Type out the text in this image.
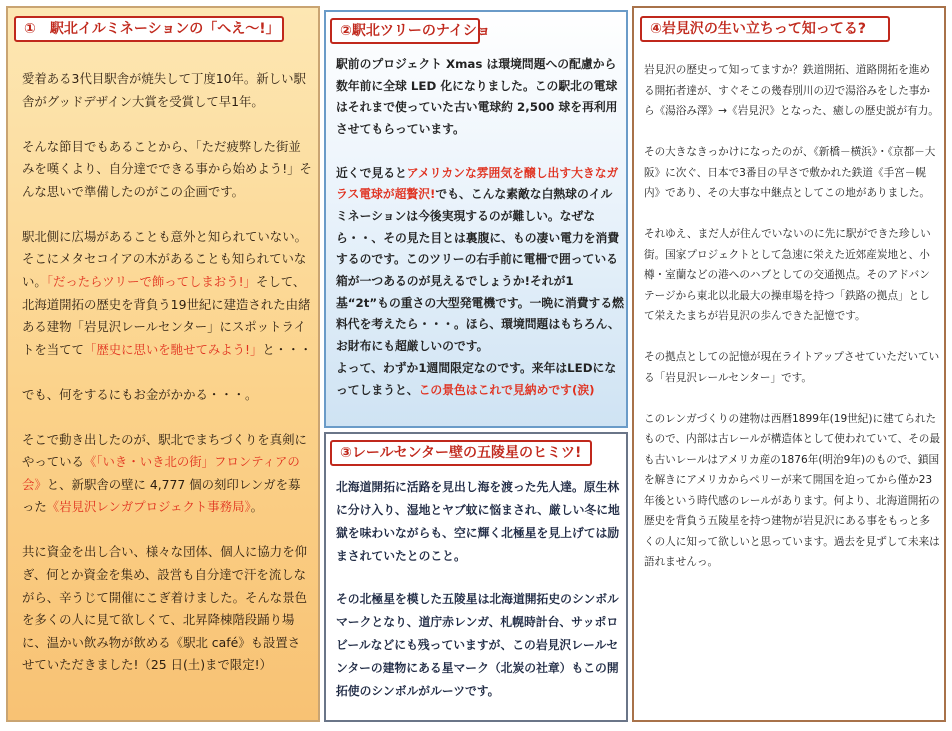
①　駅北イルミネーションの「へえ～!」

愛着ある3代目駅舎が焼失して丁度10年。新しい駅舎がグッドデザイン大賞を受賞して早1年。

そんな節目でもあることから、「ただ疲弊した街並みを嘆くより、自分達でできる事から始めよう!」そんな思いで準備したのがこの企画です。

駅北側に広場があることも意外と知られていない。そこにメタセコイアの木があることも知られていない。「だったらツリーで飾ってしまおう!」そして、北海道開拓の歴史を背負う19世紀に建造された由緒ある建物「岩見沢レールセンター」にスポットライトを当てて「歴史に思いを馳せてみよう!」と・・・

でも、何をするにもお金がかかる・・・。

そこで動き出したのが、駅北でまちづくりを真剣にやっている《「いき・いき北の街」フロンティアの会》と、新駅舎の壁に 4,777 個の刻印レンガを募った《岩見沢レンガプロジェクト事務局》。

共に資金を出し合い、様々な団体、個人に協力を仰ぎ、何とか資金を集め、設営も自分達で汗を流しながら、辛うじて開催にこぎ着けました。そんな景色を多くの人に見て欲しくて、北昇降棟階段踊り場に、温かい飲み物が飲める《駅北 café》も設置させていただきました!（25 日(土)まで限定!）

②駅北ツリーのナイショ

駅前のプロジェクト Xmas は環境問題への配慮から数年前に全球 LED 化になりました。この駅北の電球はそれまで使っていた古い電球約 2,500 球を再利用させてもらっています。

近くで見るとアメリカンな雰囲気を醸し出す大きなガラス電球が超贅沢!でも、こんな素敵な白熱球のイルミネーションは今後実現するのが難しい。なぜなら・・、その見た目とは裏腹に、もの凄い電力を消費するのです。このツリーの右手前に電柵で囲っている箱が一つあるのが見えるでしょうか!それが1基“2t”もの重さの大型発電機です。一晩に消費する燃料代を考えたら・・・。ほら、環境問題はもちろん、お財布にも超厳しいのです。

よって、わずか1週間限定なのです。来年はLEDになってしまうと、この景色はこれで見納めです(涙)

③レールセンター壁の五陵星のヒミツ!

北海道開拓に活路を見出し海を渡った先人達。原生林に分け入り、湿地とヤブ蚊に悩まされ、厳しい冬に地獄を味わいながらも、空に輝く北極星を見上げては励まされていたとのこと。

その北極星を模した五陵星は北海道開拓史のシンボルマークとなり、道庁赤レンガ、札幌時計台、サッポロビールなどにも残っていますが、この岩見沢レールセンターの建物にある星マーク（北炭の社章）もこの開拓使のシンボルがルーツです。

④岩見沢の生い立ちって知ってる?

岩見沢の歴史って知ってますか？鉄道開拓、道路開拓を進める開拓者達が、すぐそこの幾春別川の辺で湯浴みをした事から《湯浴み澤》→《岩見沢》となった、癒しの歴史説が有力。

その大きなきっかけになったのが、《新橋－横浜》・《京都－大阪》に次ぐ、日本で3番目の早さで敷かれた鉄道《手宮－幌内》であり、その大事な中継点としてこの地がありました。

それゆえ、まだ人が住んでいないのに先に駅ができた珍しい街。国家プロジェクトとして急速に栄えた近郊産炭地と、小樽・室蘭などの港へのハブとしての交通拠点。そのアドバンテージから東北以北最大の操車場を持つ「鉄路の拠点」として栄えたまちが岩見沢の歩んできた記憶です。

その拠点としての記憶が現在ライトアップさせていただいている「岩見沢レールセンター」です。

このレンガづくりの建物は西暦1899年(19世紀)に建てられたもので、内部は古レールが構造体として使われていて、その最も古いレールはアメリカ産の1876年(明治9年)のもので、鎖国を解きにアメリカからペリーが来て開国を迫ってから僅か23年後という時代感のレールがあります。何より、北海道開拓の歴史を背負う五陵星を持つ建物が岩見沢にある事をもっと多くの人に知って欲しいと思っています。過去を見ずして未来は語れませんっ。
